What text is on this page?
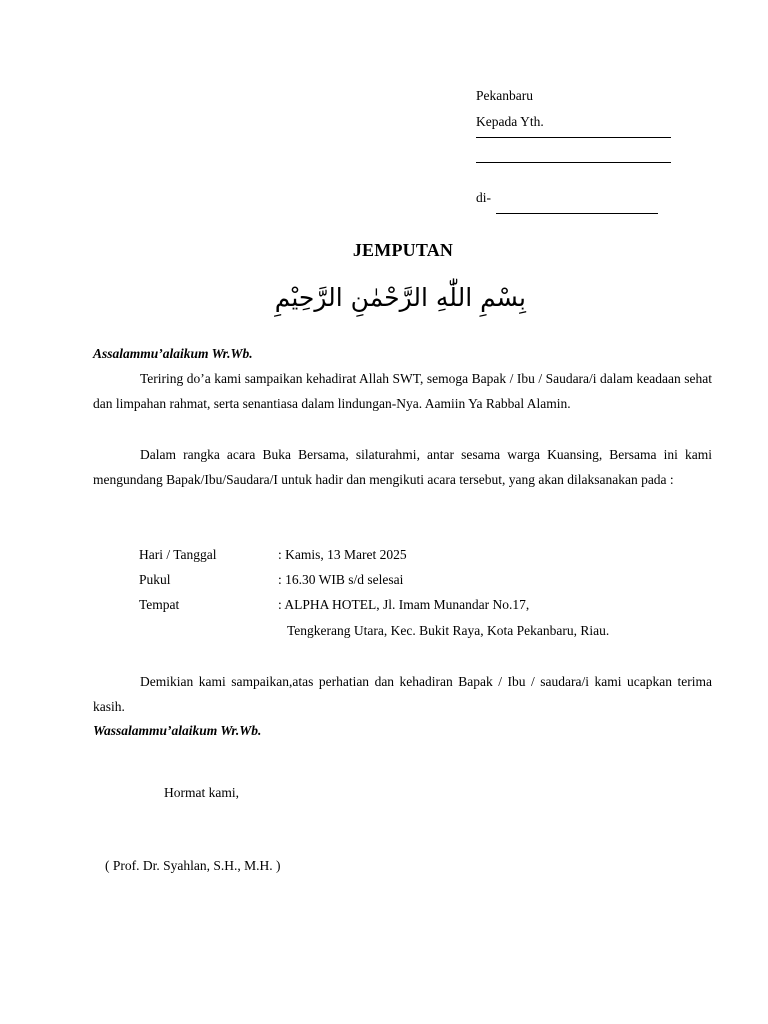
Pekanbaru
Kepada Yth.
di-
JEMPUTAN
بِسْمِ اللّٰهِ الرَّحْمٰنِ الرَّحِيْمِ
Assalammu’alaikum Wr.Wb.

Teriring do’a kami sampaikan kehadirat Allah SWT, semoga Bapak / Ibu / Saudara/i dalam keadaan sehat dan limpahan rahmat, serta senantiasa dalam lindungan-Nya. Aamiin Ya Rabbal Alamin.

Dalam rangka acara Buka Bersama, silaturahmi, antar sesama warga Kuansing, Bersama ini kami mengundang Bapak/Ibu/Saudara/I untuk hadir dan mengikuti acara tersebut, yang akan dilaksanakan pada :

Hari / Tanggal	: Kamis, 13 Maret 2025
Pukul	: 16.30 WIB s/d selesai
Tempat	: ALPHA HOTEL, Jl. Imam Munandar No.17,
Tengkerang Utara, Kec. Bukit Raya, Kota Pekanbaru, Riau.

Demikian kami sampaikan,atas perhatian dan kehadiran Bapak / Ibu / saudara/i kami ucapkan terima kasih.

Wassalammu’alaikum Wr.Wb.
Hormat kami,
( Prof. Dr. Syahlan, S.H., M.H. )
